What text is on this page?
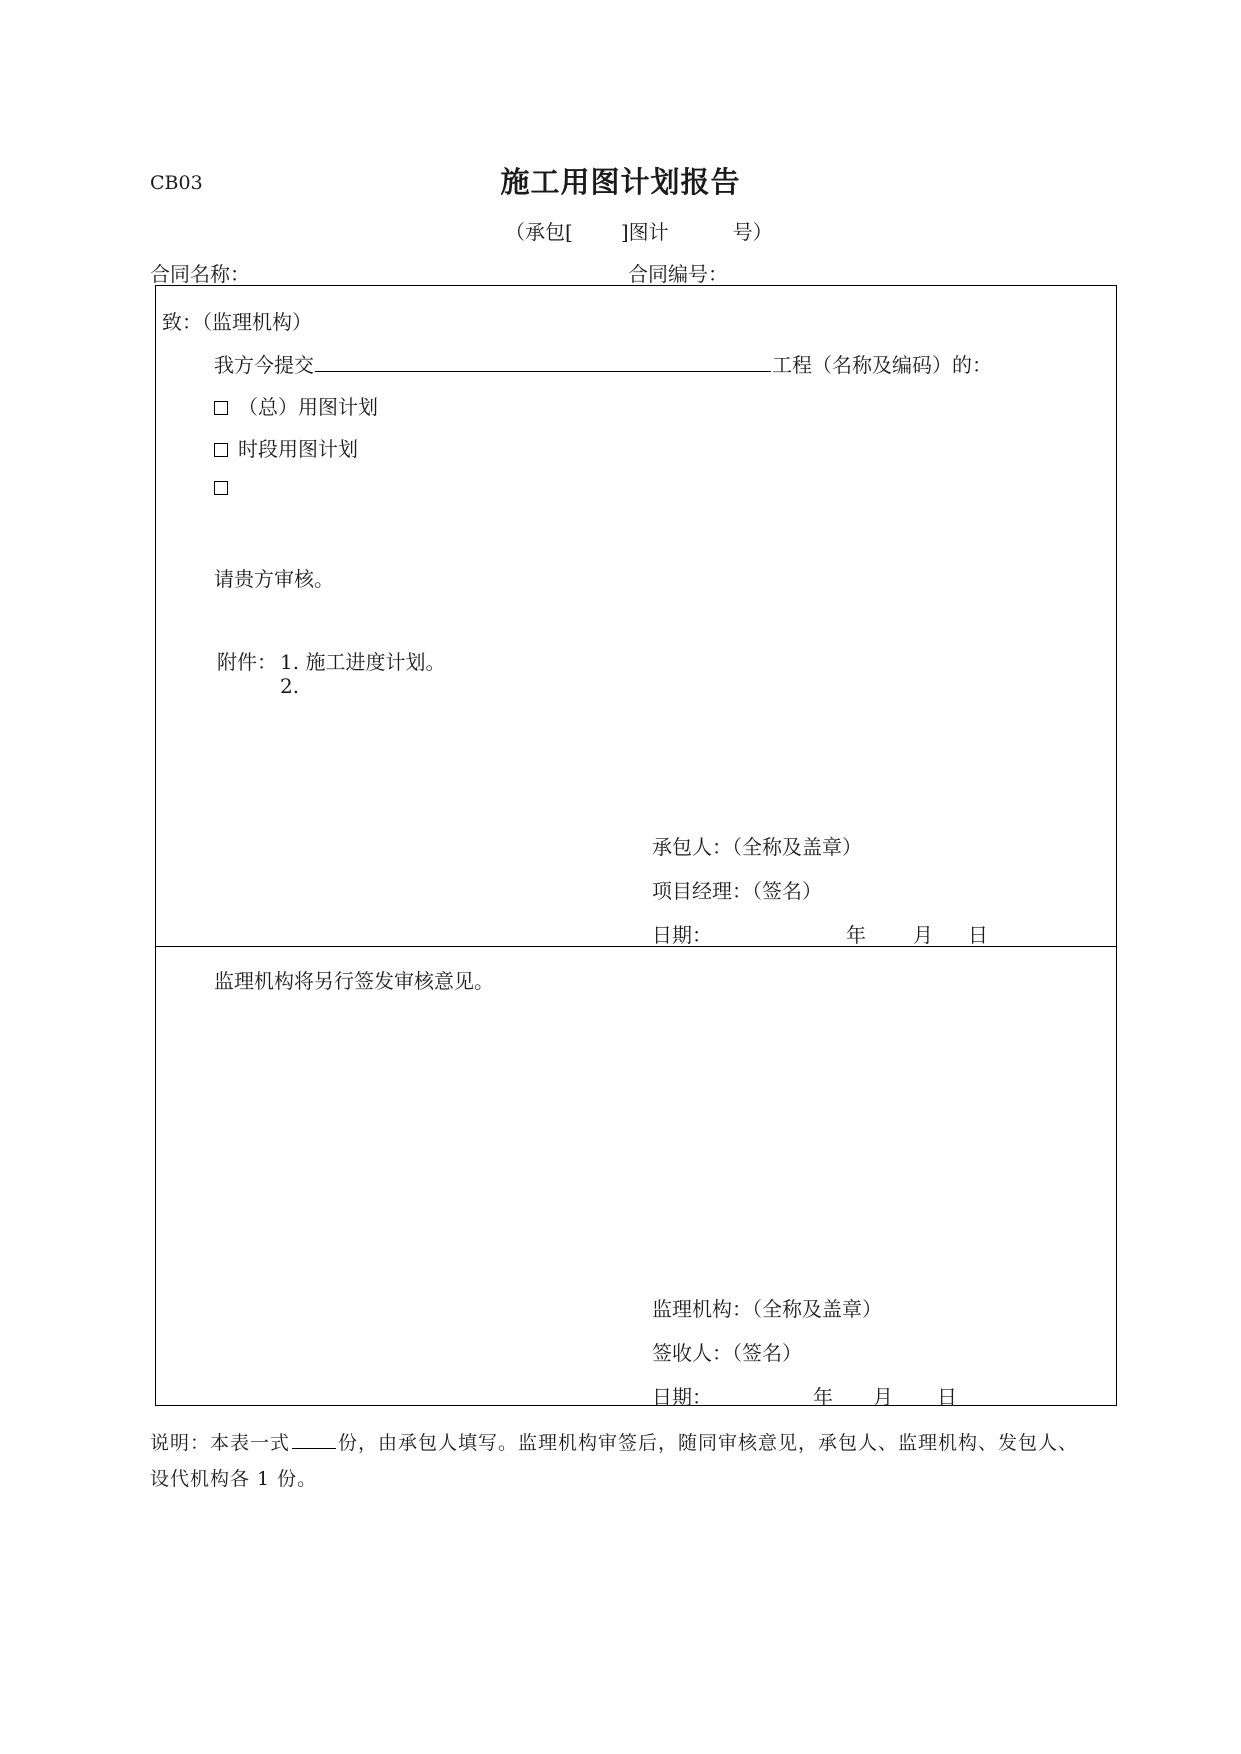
CB03	施工用图计划报告
（承包[ ]图计	号）
合同名称：	合同编号：
致：（监理机构）
我方今提交	工程（名称及编码）的：
（总）用图计划
时段用图计划
请贵方审核。
附件： 1. 施工进度计划。
2.
承包人：（全称及盖章）
项目经理：（签名）
日期：	年 月 日
监理机构将另行签发审核意见。
监理机构：（全称及盖章）
签收人：（签名）
日期：	年 月 日
说明：本表一式	份，由承包人填写。监理机构审签后，随同审核意见，承包人、监理机构、发包人、
设代机构各 1 份。
